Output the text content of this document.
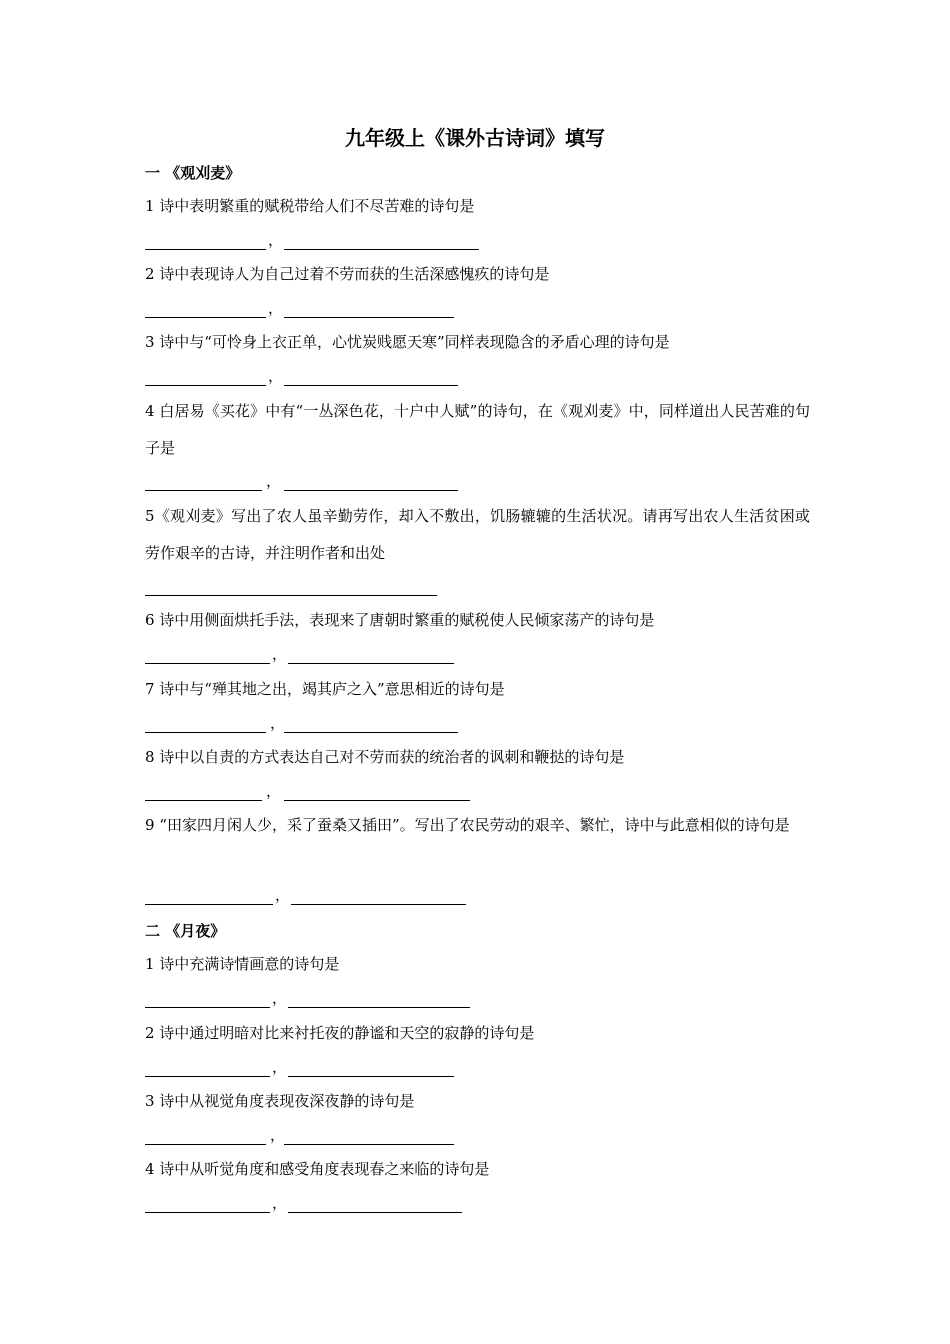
九年级上《课外古诗词》填写
一 《观刈麦》
1 诗中表明繁重的赋税带给人们不尽苦难的诗句是
，
2 诗中表现诗人为自己过着不劳而获的生活深感愧疚的诗句是
，
3 诗中与“可怜身上衣正单，心忧炭贱愿天寒”同样表现隐含的矛盾心理的诗句是
，
4 白居易《买花》中有“一丛深色花，十户中人赋”的诗句，在《观刈麦》中，同样道出人民苦难的句子是
，
5《观刈麦》写出了农人虽辛勤劳作，却入不敷出，饥肠辘辘的生活状况。请再写出农人生活贫困或劳作艰辛的古诗，并注明作者和出处
6 诗中用侧面烘托手法，表现来了唐朝时繁重的赋税使人民倾家荡产的诗句是
，
7 诗中与“殚其地之出，竭其庐之入”意思相近的诗句是
，
8 诗中以自责的方式表达自己对不劳而获的统治者的讽刺和鞭挞的诗句是
，
9 “田家四月闲人少，采了蚕桑又插田”。写出了农民劳动的艰辛、繁忙，诗中与此意相似的诗句是
，
二 《月夜》
1 诗中充满诗情画意的诗句是
，
2 诗中通过明暗对比来衬托夜的静谧和天空的寂静的诗句是
，
3 诗中从视觉角度表现夜深夜静的诗句是
，
4 诗中从听觉角度和感受角度表现春之来临的诗句是
，
